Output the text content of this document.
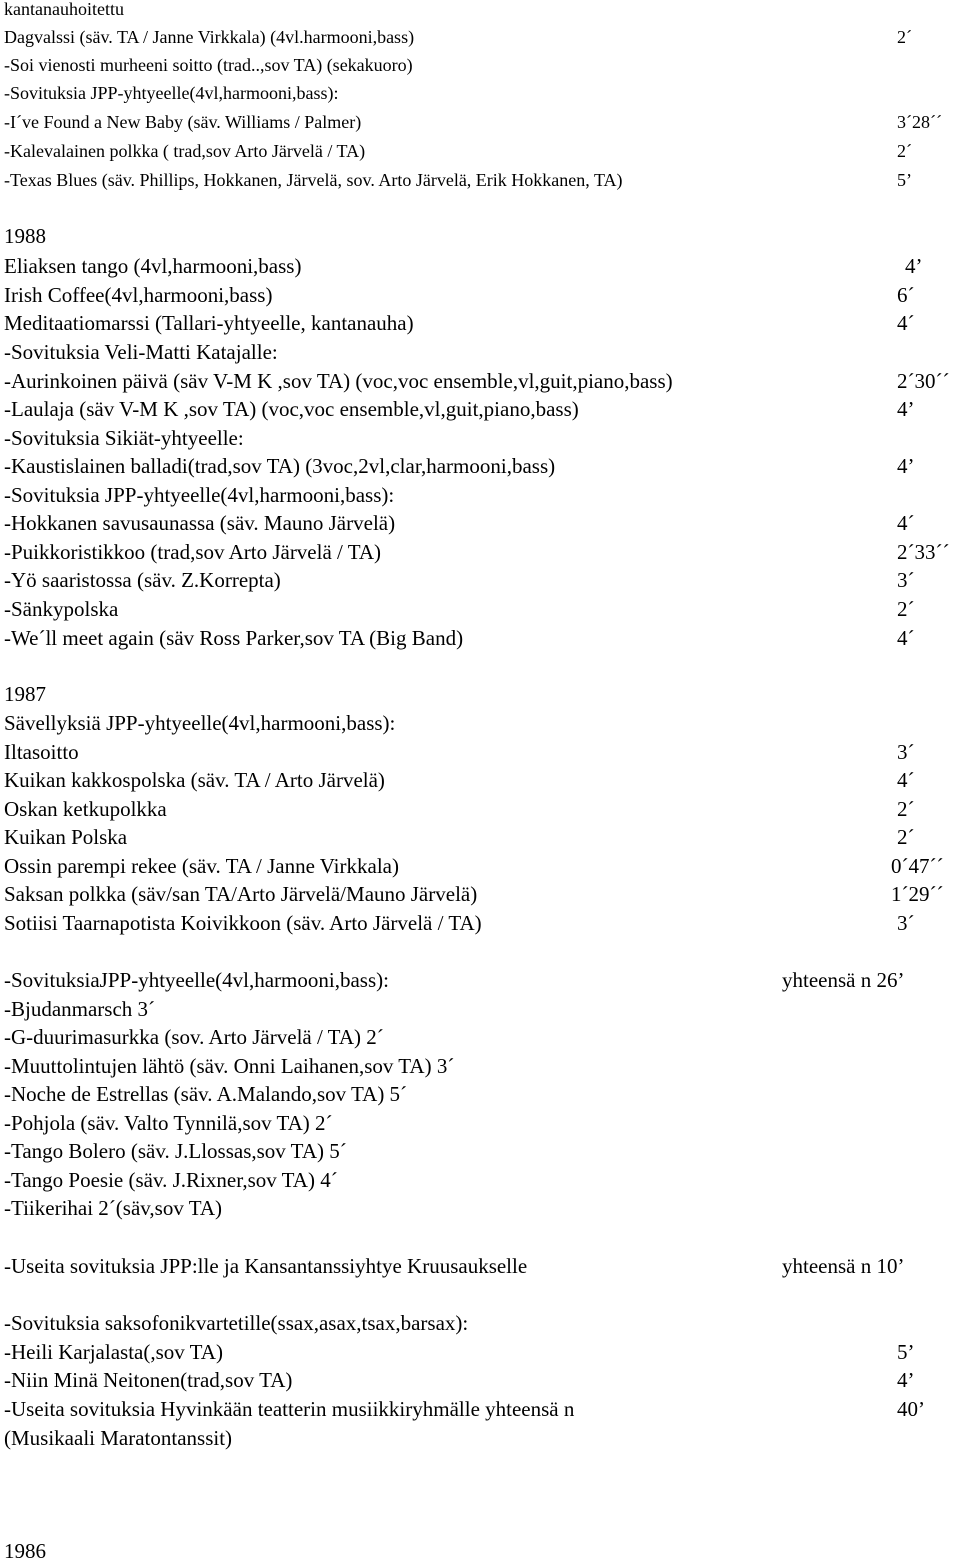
kantanauhoitettu
Dagvalssi (säv. TA / Janne Virkkala) (4vl.harmooni,bass)	2´
-Soi vienosti murheeni soitto (trad..,sov TA) (sekakuoro)
-Sovituksia JPP-yhtyeelle(4vl,harmooni,bass):
-I´ve Found a New Baby (säv. Williams / Palmer)	3´28´´
-Kalevalainen polkka ( trad,sov Arto Järvelä / TA)	2´
-Texas Blues (säv. Phillips, Hokkanen, Järvelä, sov. Arto Järvelä, Erik Hokkanen, TA)	5’
1988
Eliaksen tango (4vl,harmooni,bass)	4’
Irish Coffee(4vl,harmooni,bass)	6´
Meditaatiomarssi (Tallari-yhtyeelle, kantanauha)	4´
-Sovituksia Veli-Matti Katajalle:
-Aurinkoinen päivä (säv V-M K ,sov TA) (voc,voc ensemble,vl,guit,piano,bass)	2´30´´
-Laulaja (säv V-M K ,sov TA) (voc,voc ensemble,vl,guit,piano,bass)	4’
-Sovituksia Sikiät-yhtyeelle:
-Kaustislainen balladi(trad,sov TA) (3voc,2vl,clar,harmooni,bass)	4’
-Sovituksia JPP-yhtyeelle(4vl,harmooni,bass):
-Hokkanen savusaunassa (säv. Mauno Järvelä)	4´
-Puikkoristikkoo (trad,sov Arto Järvelä / TA)	2´33´´
-Yö saaristossa (säv. Z.Korrepta)	3´
-Sänkypolska	2´
-We´ll meet again (säv Ross Parker,sov TA (Big Band)	4´
1987
Sävellyksiä JPP-yhtyeelle(4vl,harmooni,bass):
Iltasoitto	3´
Kuikan kakkospolska (säv. TA / Arto Järvelä)	4´
Oskan ketkupolkka	2´
Kuikan Polska	2´
Ossin parempi rekee (säv. TA / Janne Virkkala)	0´47´´
Saksan polkka (säv/san TA/Arto Järvelä/Mauno Järvelä)	1´29´´
Sotiisi Taarnapotista Koivikkoon (säv. Arto Järvelä / TA)	3´
-SovituksiaJPP-yhtyeelle(4vl,harmooni,bass):	yhteensä n 26’
-Bjudanmarsch 3´
-G-duurimasurkka (sov. Arto Järvelä / TA) 2´
-Muuttolintujen lähtö (säv. Onni Laihanen,sov TA) 3´
-Noche de Estrellas (säv. A.Malando,sov TA) 5´
-Pohjola (säv. Valto Tynnilä,sov TA) 2´
-Tango Bolero (säv. J.Llossas,sov TA) 5´
-Tango Poesie (säv. J.Rixner,sov TA) 4´
-Tiikerihai 2´(säv,sov TA)
-Useita sovituksia JPP:lle ja Kansantanssiyhtye Kruusaukselle	yhteensä n 10’
-Sovituksia saksofonikvartetille(ssax,asax,tsax,barsax):
-Heili Karjalasta(,sov TA)	5’
-Niin Minä Neitonen(trad,sov TA)	4’
-Useita sovituksia Hyvinkään teatterin musiikkiryhmälle yhteensä n	40’
(Musikaali Maratontanssit)
1986
